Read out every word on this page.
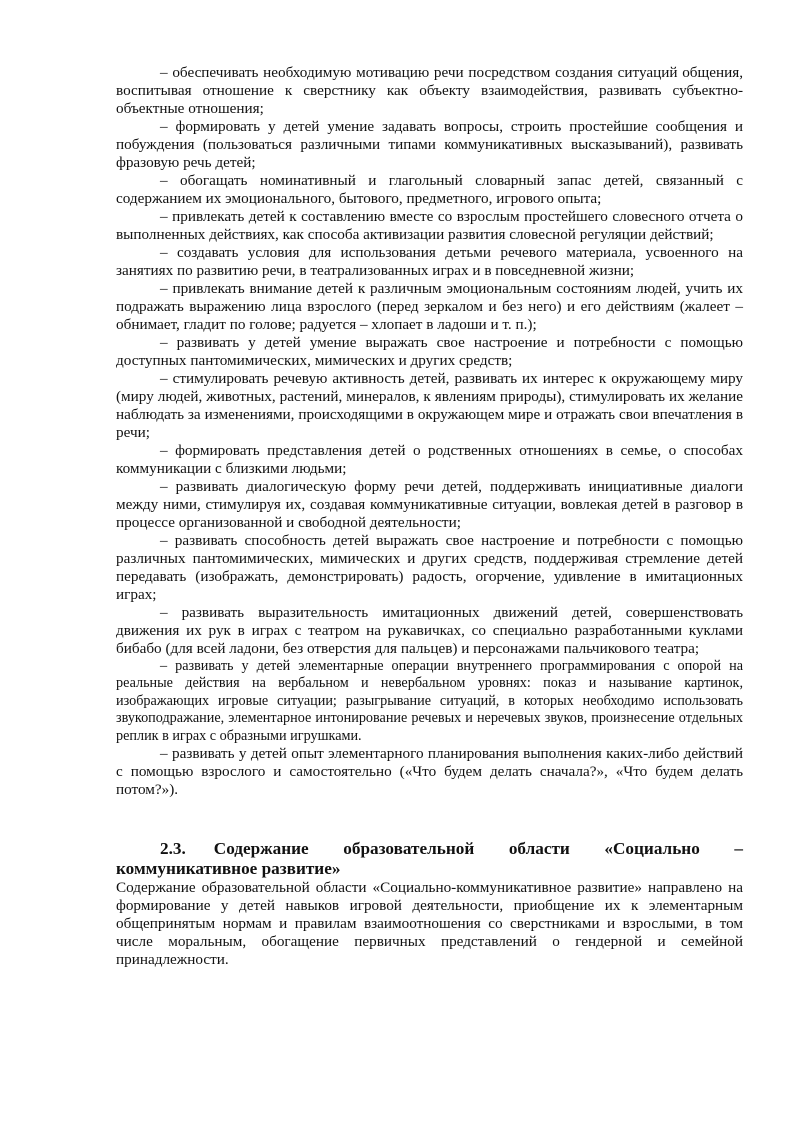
– обеспечивать необходимую мотивацию речи посредством создания ситуаций общения, воспитывая отношение к сверстнику как объекту взаимодействия, развивать субъектно-объектные отношения;

– формировать у детей умение задавать вопросы, строить простейшие сообщения и побуждения (пользоваться различными типами коммуникативных высказываний), развивать фразовую речь детей;

– обогащать номинативный и глагольный словарный запас детей, связанный с содержанием их эмоционального, бытового, предметного, игрового опыта;

– привлекать детей к составлению вместе со взрослым простейшего словесного отчета о выполненных действиях, как способа активизации развития словесной регуляции действий;

– создавать условия для использования детьми речевого материала, усвоенного на занятиях по развитию речи, в театрализованных играх и в повседневной жизни;

– привлекать внимание детей к различным эмоциональным состояниям людей, учить их подражать выражению лица взрослого (перед зеркалом и без него) и его действиям (жалеет – обнимает, гладит по голове; радуется – хлопает в ладоши и т. п.);

– развивать у детей умение выражать свое настроение и потребности с помощью доступных пантомимических, мимических и других средств;

– стимулировать речевую активность детей, развивать их интерес к окружающему миру (миру людей, животных, растений, минералов, к явлениям природы), стимулировать их желание наблюдать за изменениями, происходящими в окружающем мире и отражать свои впечатления в речи;

– формировать представления детей о родственных отношениях в семье, о способах коммуникации с близкими людьми;

– развивать диалогическую форму речи детей, поддерживать инициативные диалоги между ними, стимулируя их, создавая коммуникативные ситуации, вовлекая детей в разговор в процессе организованной и свободной деятельности;

– развивать способность детей выражать свое настроение и потребности с помощью различных пантомимических, мимических и других средств, поддерживая стремление детей передавать (изображать, демонстрировать) радость, огорчение, удивление в имитационных играх;

– развивать выразительность имитационных движений детей, совершенствовать движения их рук в играх с театром на рукавичках, со специально разработанными куклами бибабо (для всей ладони, без отверстия для пальцев) и персонажами пальчикового театра;

– развивать у детей элементарные операции внутреннего программирования с опорой на реальные действия на вербальном и невербальном уровнях: показ и называние картинок, изображающих игровые ситуации; разыгрывание ситуаций, в которых необходимо использовать звукоподражание, элементарное интонирование речевых и неречевых звуков, произнесение отдельных реплик в играх с образными игрушками.

– развивать у детей опыт элементарного планирования выполнения каких-либо действий с помощью взрослого и самостоятельно («Что будем делать сначала?», «Что будем делать потом?»).

2.3. Содержание образовательной области «Социально – коммуникативное развитие»

Содержание образовательной области «Социально-коммуникативное развитие» направлено на формирование у детей навыков игровой деятельности, приобщение их к элементарным общепринятым нормам и правилам взаимоотношения со сверстниками и взрослыми, в том числе моральным, обогащение первичных представлений о гендерной и семейной принадлежности.
